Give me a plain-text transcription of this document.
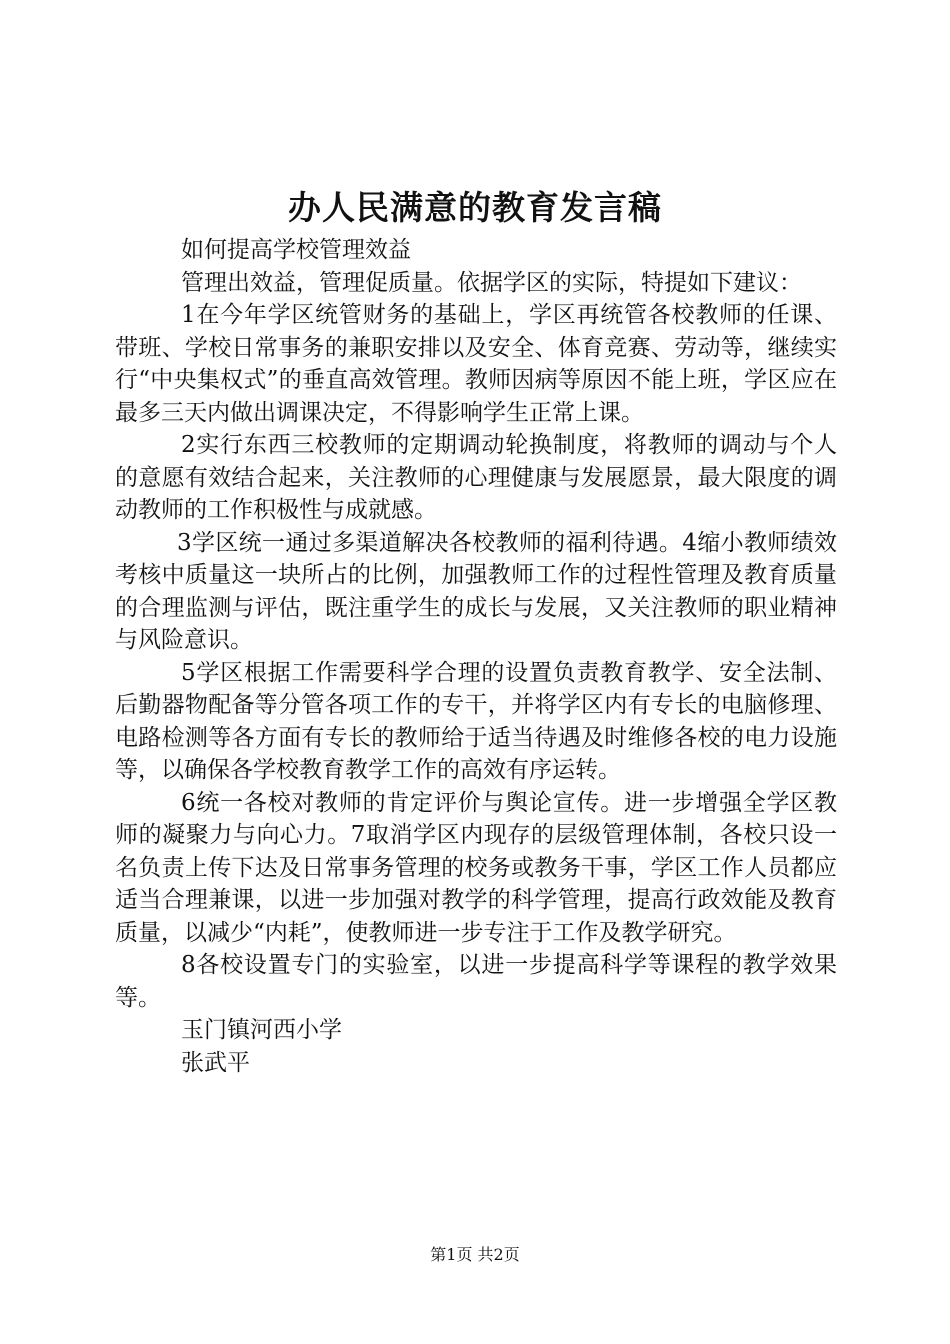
办人民满意的教育发言稿

如何提高学校管理效益

管理出效益，管理促质量。依据学区的实际，特提如下建议：

1在今年学区统管财务的基础上，学区再统管各校教师的任课、带班、学校日常事务的兼职安排以及安全、体育竞赛、劳动等，继续实行“中央集权式”的垂直高效管理。教师因病等原因不能上班，学区应在最多三天内做出调课决定，不得影响学生正常上课。

2实行东西三校教师的定期调动轮换制度，将教师的调动与个人的意愿有效结合起来，关注教师的心理健康与发展愿景，最大限度的调动教师的工作积极性与成就感。

3学区统一通过多渠道解决各校教师的福利待遇。4缩小教师绩效考核中质量这一块所占的比例，加强教师工作的过程性管理及教育质量的合理监测与评估，既注重学生的成长与发展，又关注教师的职业精神与风险意识。

5学区根据工作需要科学合理的设置负责教育教学、安全法制、后勤器物配备等分管各项工作的专干，并将学区内有专长的电脑修理、电路检测等各方面有专长的教师给于适当待遇及时维修各校的电力设施等，以确保各学校教育教学工作的高效有序运转。

6统一各校对教师的肯定评价与舆论宣传。进一步增强全学区教师的凝聚力与向心力。7取消学区内现存的层级管理体制，各校只设一名负责上传下达及日常事务管理的校务或教务干事，学区工作人员都应适当合理兼课，以进一步加强对教学的科学管理，提高行政效能及教育质量，以减少“内耗”，使教师进一步专注于工作及教学研究。

8各校设置专门的实验室，以进一步提高科学等课程的教学效果等。

玉门镇河西小学

张武平

第1页 共2页
